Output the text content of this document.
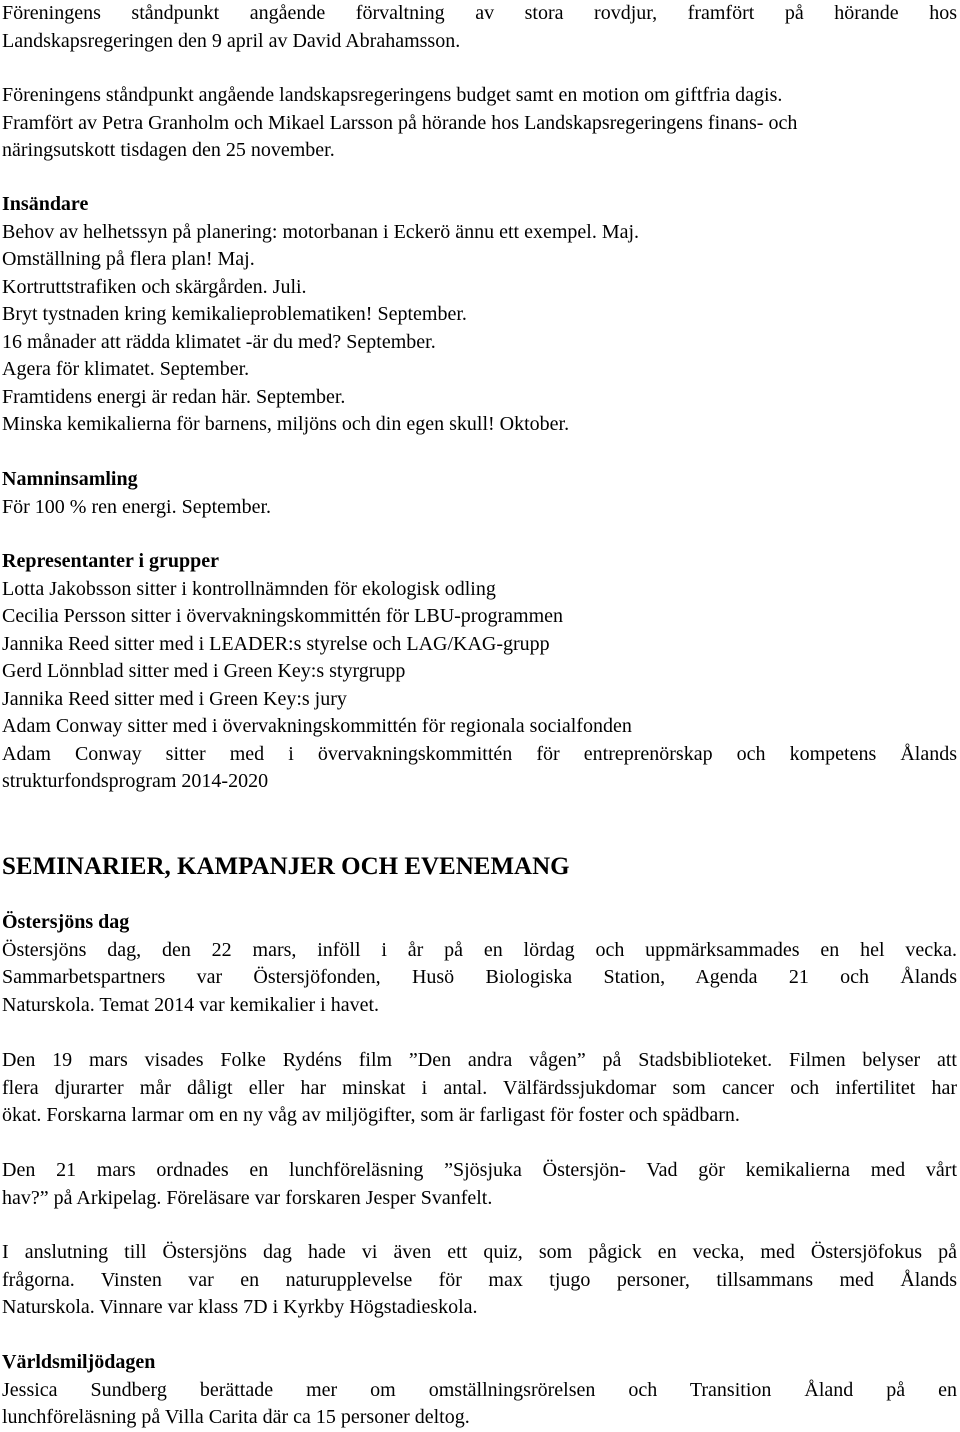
Föreningens ståndpunkt angående förvaltning av stora rovdjur, framfört på hörande hos
Landskapsregeringen den 9 april av David Abrahamsson.
Föreningens ståndpunkt angående landskapsregeringens budget samt en motion om giftfria dagis.
Framfört av Petra Granholm och Mikael Larsson på hörande hos Landskapsregeringens finans- och
näringsutskott tisdagen den 25 november.
Insändare
Behov av helhetssyn på planering: motorbanan i Eckerö ännu ett exempel. Maj.
Omställning på flera plan! Maj.
Kortruttstrafiken och skärgården. Juli.
Bryt tystnaden kring kemikalieproblematiken! September.
16 månader att rädda klimatet -är du med? September.
Agera för klimatet. September.
Framtidens energi är redan här. September.
Minska kemikalierna för barnens, miljöns och din egen skull! Oktober.
Namninsamling
För 100 % ren energi. September.
Representanter i grupper
Lotta Jakobsson sitter i kontrollnämnden för ekologisk odling
Cecilia Persson sitter i övervakningskommittén för LBU-programmen
Jannika Reed sitter med i LEADER:s styrelse och LAG/KAG-grupp
Gerd Lönnblad sitter med i Green Key:s styrgrupp
Jannika Reed sitter med i Green Key:s jury
Adam Conway sitter med i övervakningskommittén för regionala socialfonden
Adam Conway sitter med i övervakningskommittén för entreprenörskap och kompetens Ålands
strukturfondsprogram 2014-2020
SEMINARIER, KAMPANJER OCH EVENEMANG
Östersjöns dag
Östersjöns dag, den 22 mars, inföll i år på en lördag och uppmärksammades en hel vecka.
Sammarbetspartners var Östersjöfonden, Husö Biologiska Station, Agenda 21 och Ålands
Naturskola. Temat 2014 var kemikalier i havet.
Den 19 mars visades Folke Rydéns film ”Den andra vågen” på Stadsbiblioteket. Filmen belyser att
flera djurarter mår dåligt eller har minskat i antal. Välfärdssjukdomar som cancer och infertilitet har
ökat. Forskarna larmar om en ny våg av miljögifter, som är farligast för foster och spädbarn.
Den 21 mars ordnades en lunchföreläsning ”Sjösjuka Östersjön- Vad gör kemikalierna med vårt
hav?” på Arkipelag. Föreläsare var forskaren Jesper Svanfelt.
I anslutning till Östersjöns dag hade vi även ett quiz, som pågick en vecka, med Östersjöfokus på
frågorna. Vinsten var en naturupplevelse för max tjugo personer, tillsammans med Ålands
Naturskola. Vinnare var klass 7D i Kyrkby Högstadieskola.
Världsmiljödagen
Jessica Sundberg berättade mer om omställningsrörelsen och Transition Åland på en
lunchföreläsning på Villa Carita där ca 15 personer deltog.
